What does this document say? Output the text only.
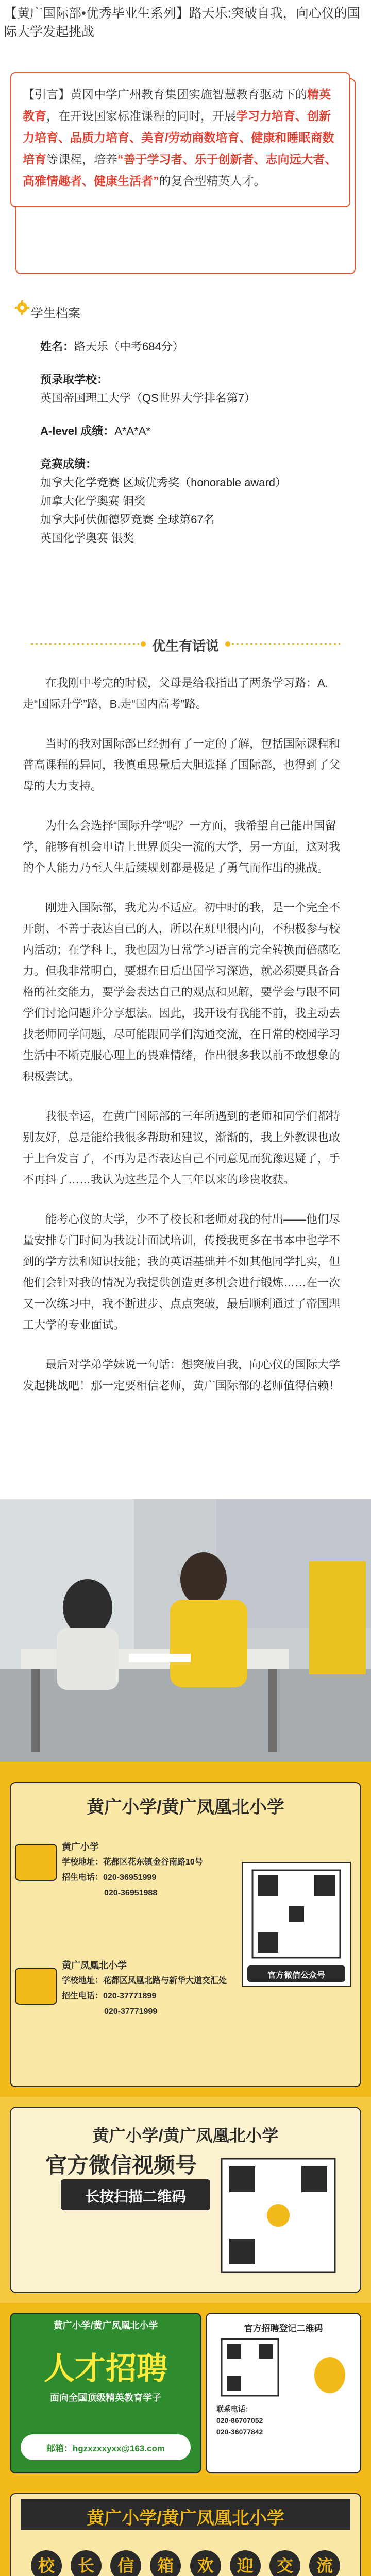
【黄广国际部•优秀毕业生系列】路天乐:突破自我，向心仪的国际大学发起挑战
【引言】黄冈中学广州教育集团实施智慧教育驱动下的精英教育，在开设国家标准课程的同时，开展学习力培育、创新力培育、品质力培育、美育/劳动商数培育、健康和睡眠商数培育等课程，培养“善于学习者、乐于创新者、志向远大者、高雅情趣者、健康生活者”的复合型精英人才。
学生档案
姓名：路天乐（中考684分）
预录取学校：
英国帝国理工大学（QS世界大学排名第7）
A-level 成绩：A*A*A*
竞赛成绩：
加拿大化学竞赛 区域优秀奖（honorable award）
加拿大化学奥赛 铜奖
加拿大阿伏伽德罗竞赛 全球第67名
英国化学奥赛 银奖
优生有话说

在我刚中考完的时候，父母是给我指出了两条学习路：A.走“国际升学”路，B.走“国内高考”路。

当时的我对国际部已经拥有了一定的了解，包括国际课程和普高课程的异同，我慎重思量后大胆选择了国际部，也得到了父母的大力支持。

为什么会选择“国际升学”呢？一方面，我希望自己能出国留学，能够有机会申请上世界顶尖一流的大学，另一方面，这对我的个人能力乃至人生后续规划都是极足了勇气而作出的挑战。

刚进入国际部，我尤为不适应。初中时的我，是一个完全不开朗、不善于表达自己的人，所以在班里很内向，不积极参与校内活动；在学科上，我也因为日常学习语言的完全转换而倍感吃力。但我非常明白，要想在日后出国学习深造，就必须要具备合格的社交能力，要学会表达自己的观点和见解，要学会与跟不同学们讨论问题并分享想法。因此，我开设有我能不前，我主动去找老师同学问题，尽可能跟同学们沟通交流，在日常的校园学习生活中不断克服心理上的畏难情绪，作出很多我以前不敢想象的积极尝试。

我很幸运，在黄广国际部的三年所遇到的老师和同学们都特别友好，总是能给我很多帮助和建议，渐渐的，我上外教课也敢于上台发言了，不再为是否表达自己不同意见而犹豫迟疑了，手不再抖了……我认为这些是个人三年以来的珍贵收获。

能考心仪的大学，少不了校长和老师对我的付出——他们尽量安排专门时间为我设计面试培训，传授我更多在书本中也学不到的学方法和知识技能；我的英语基础并不如其他同学扎实，但他们会针对我的情况为我提供创造更多机会进行锻炼……在一次又一次练习中，我不断进步、点点突破，最后顺利通过了帝国理工大学的专业面试。

最后对学弟学妹说一句话：想突破自我，向心仪的国际大学发起挑战吧！那一定要相信老师，黄广国际部的老师值得信赖！

黄广小学/黄广凤凰北小学
黄广小学
学校地址：花都区花东镇金谷南路10号
招生电话：020-36951999
020-36951988
黄广凤凰北小学
学校地址：花都区凤凰北路与新华大道交汇处
招生电话：020-37771899
020-37771999
官方微信公众号
黄广小学/黄广凤凰北小学
官方微信视频号
长按扫描二维码
黄广小学/黄广凤凰北小学
人才招聘
面向全国顶级精英教育学子
邮箱：hgzxzxxyxx@163.com
官方招聘登记二维码
联系电话：
020-86707052
020-36077842
黄广小学/黄广凤凰北小学
校	长	信	箱	欢	迎	交	流
